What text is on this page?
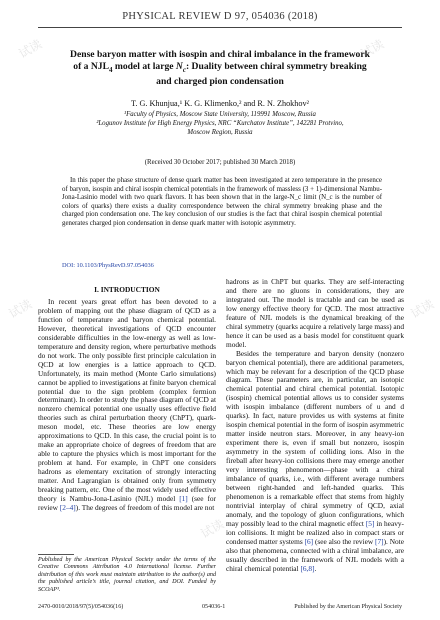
试读	试读
试读	试读
试读
PHYSICAL REVIEW D 97, 054036 (2018)
Dense baryon matter with isospin and chiral imbalance in the framework of a $NJL_4$ model at large $N_c$: Duality between chiral symmetry breaking and charged pion condensation
T. G. Khunjua,¹ K. G. Klimenko,² and R. N. Zhokhov²
¹Faculty of Physics, Moscow State University, 119991 Moscow, Russia
²Logunov Institute for High Energy Physics, NRC “Kurchatov Institute”, 142281 Protvino,
Moscow Region, Russia
(Received 30 October 2017; published 30 March 2018)
In this paper the phase structure of dense quark matter has been investigated at zero temperature in the presence of baryon, isospin and chiral isospin chemical potentials in the framework of massless (3 + 1)-dimensional Nambu-Jona-Lasinio model with two quark flavors. It has been shown that in the large-N_c limit (N_c is the number of colors of quarks) there exists a duality correspondence between the chiral symmetry breaking phase and the charged pion condensation one. The key conclusion of our studies is the fact that chiral isospin chemical potential generates charged pion condensation in dense quark matter with isotopic asymmetry.
DOI: 10.1103/PhysRevD.97.054036
I. INTRODUCTION
In recent years great effort has been devoted to a problem of mapping out the phase diagram of QCD as a function of temperature and baryon chemical potential. However, theoretical investigations of QCD encounter considerable difficulties in the low-energy as well as low-temperature and density region, where perturbative methods do not work. The only possible first principle calculation in QCD at low energies is a lattice approach to QCD. Unfortunately, its main method (Monte Carlo simulations) cannot be applied to investigations at finite baryon chemical potential due to the sign problem (complex fermion determinant). In order to study the phase diagram of QCD at nonzero chemical potential one usually uses effective field theories such as chiral perturbation theory (ChPT), quark-meson model, etc. These theories are low energy approximations to QCD. In this case, the crucial point is to make an appropriate choice of degrees of freedom that are able to capture the physics which is most important for the problem at hand. For example, in ChPT one considers hadrons as elementary excitation of strongly interacting matter. And Lagrangian is obtained only from symmetry breaking pattern, etc. One of the most widely used effective theory is Nambu-Jona-Lasinio (NJL) model [1] (see for review [2–4]). The degrees of freedom of this model are not
Published by the American Physical Society under the terms of the Creative Commons Attribution 4.0 International license. Further distribution of this work must maintain attribution to the author(s) and the published article’s title, journal citation, and DOI. Funded by SCOAP³.
hadrons as in ChPT but quarks. They are self-interacting and there are no gluons in considerations, they are integrated out. The model is tractable and can be used as low energy effective theory for QCD. The most attractive feature of NJL models is the dynamical breaking of the chiral symmetry (quarks acquire a relatively large mass) and hence it can be used as a basis model for constituent quark model.
Besides the temperature and baryon density (nonzero baryon chemical potential), there are additional parameters, which may be relevant for a description of the QCD phase diagram. These parameters are, in particular, an isotopic chemical potential and chiral chemical potential. Isotopic (isospin) chemical potential allows us to consider systems with isospin imbalance (different numbers of u and d quarks). In fact, nature provides us with systems at finite isospin chemical potential in the form of isospin asymmetric matter inside neutron stars. Moreover, in any heavy-ion experiment there is, even if small but nonzero, isospin asymmetry in the system of colliding ions. Also in the fireball after heavy-ion collisions there may emerge another very interesting phenomenon—phase with a chiral imbalance of quarks, i.e., with different average numbers between right-handed and left-handed quarks. This phenomenon is a remarkable effect that stems from highly nontrivial interplay of chiral symmetry of QCD, axial anomaly, and the topology of gluon configurations, which may possibly lead to the chiral magnetic effect [5] in heavy-ion collisions. It might be realized also in compact stars or condensed matter systems [6] (see also the review [7]). Note also that phenomena, connected with a chiral imbalance, are usually described in the framework of NJL models with a chiral chemical potential [6,8].
2470-0010/2018/97(5)/054036(16)	054036-1	Published by the American Physical Society
